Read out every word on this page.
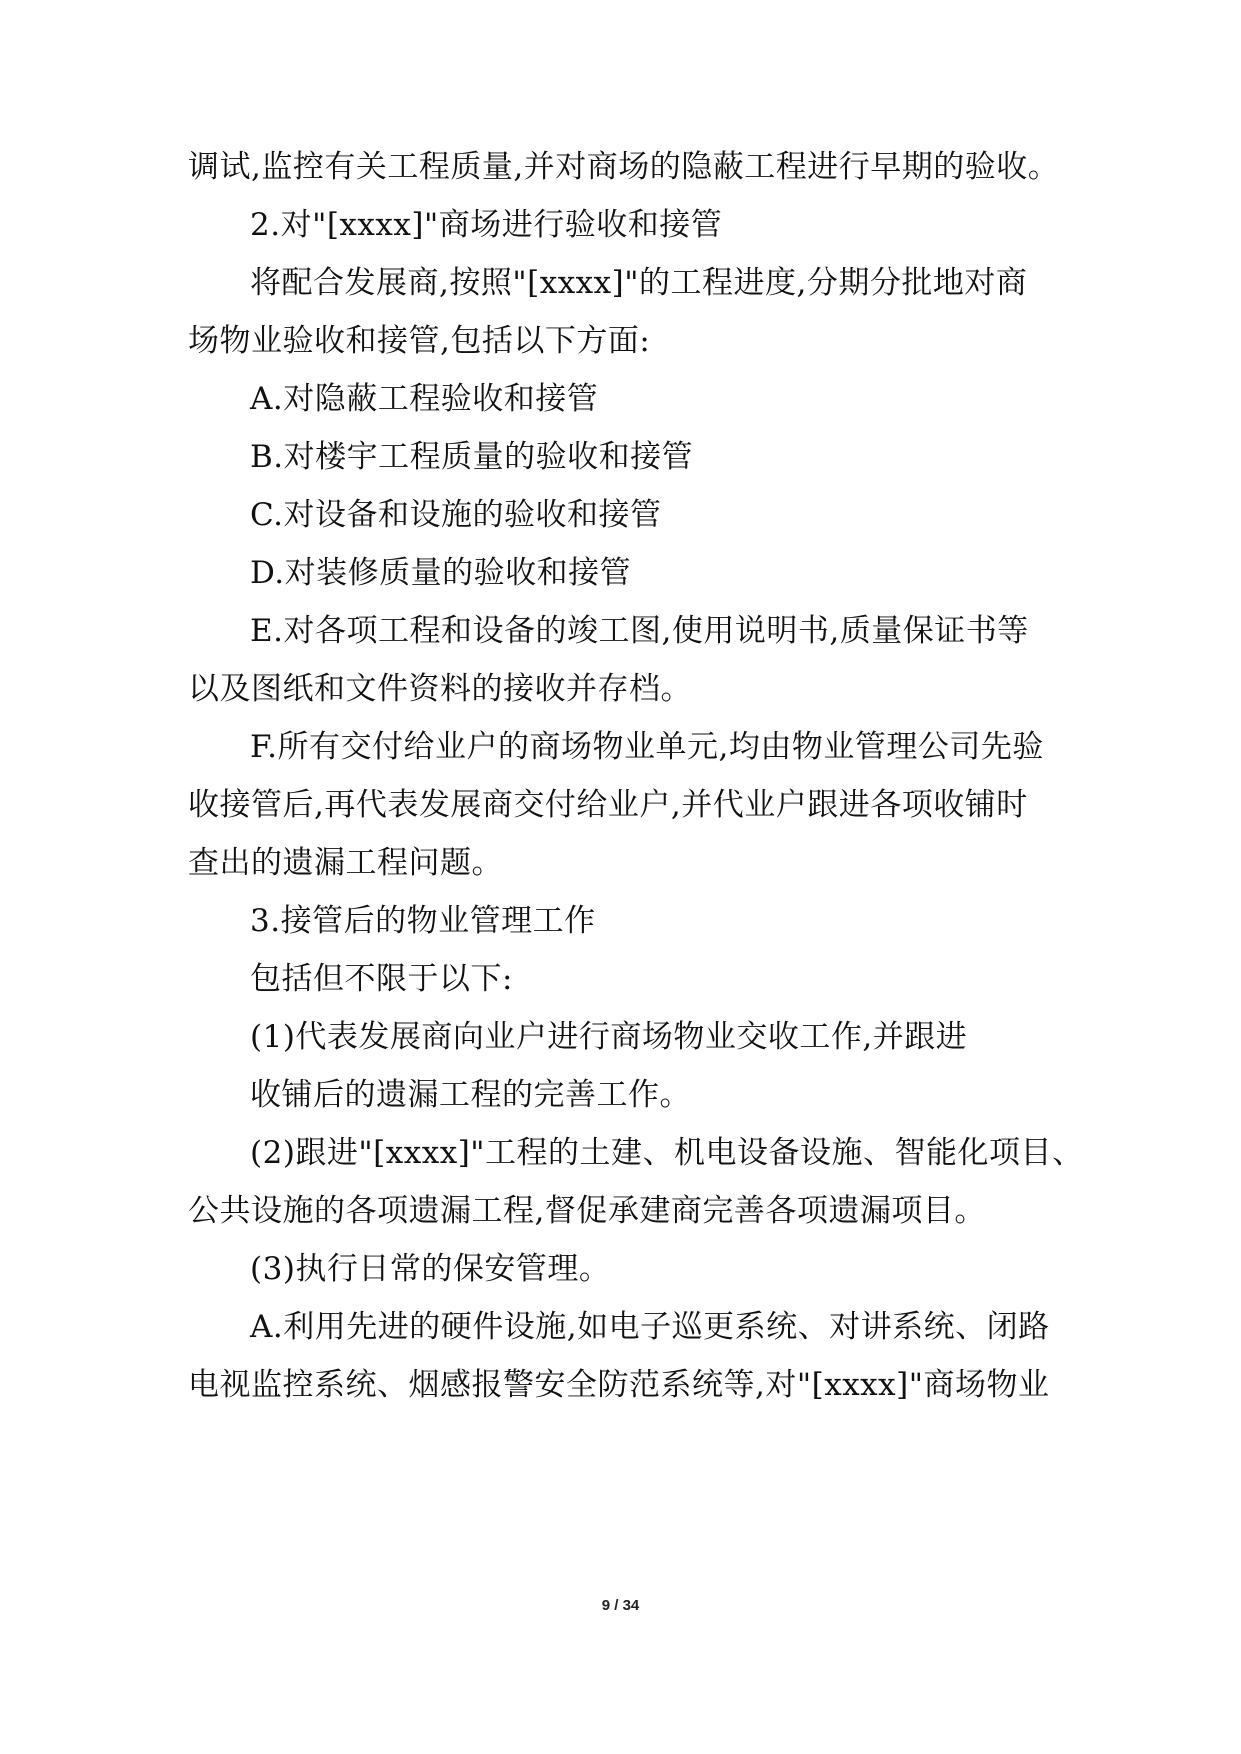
调试,监控有关工程质量,并对商场的隐蔽工程进行早期的验收。
2.对"[xxxx]"商场进行验收和接管
将配合发展商,按照"[xxxx]"的工程进度,分期分批地对商
场物业验收和接管,包括以下方面:
A.对隐蔽工程验收和接管
B.对楼宇工程质量的验收和接管
C.对设备和设施的验收和接管
D.对装修质量的验收和接管
E.对各项工程和设备的竣工图,使用说明书,质量保证书等
以及图纸和文件资料的接收并存档。
F.所有交付给业户的商场物业单元,均由物业管理公司先验
收接管后,再代表发展商交付给业户,并代业户跟进各项收铺时
查出的遗漏工程问题。
3.接管后的物业管理工作
包括但不限于以下:
(1)代表发展商向业户进行商场物业交收工作,并跟进
收铺后的遗漏工程的完善工作。
(2)跟进"[xxxx]"工程的土建、机电设备设施、智能化项目、
公共设施的各项遗漏工程,督促承建商完善各项遗漏项目。
(3)执行日常的保安管理。
A.利用先进的硬件设施,如电子巡更系统、对讲系统、闭路
电视监控系统、烟感报警安全防范系统等,对"[xxxx]"商场物业
9 / 34
